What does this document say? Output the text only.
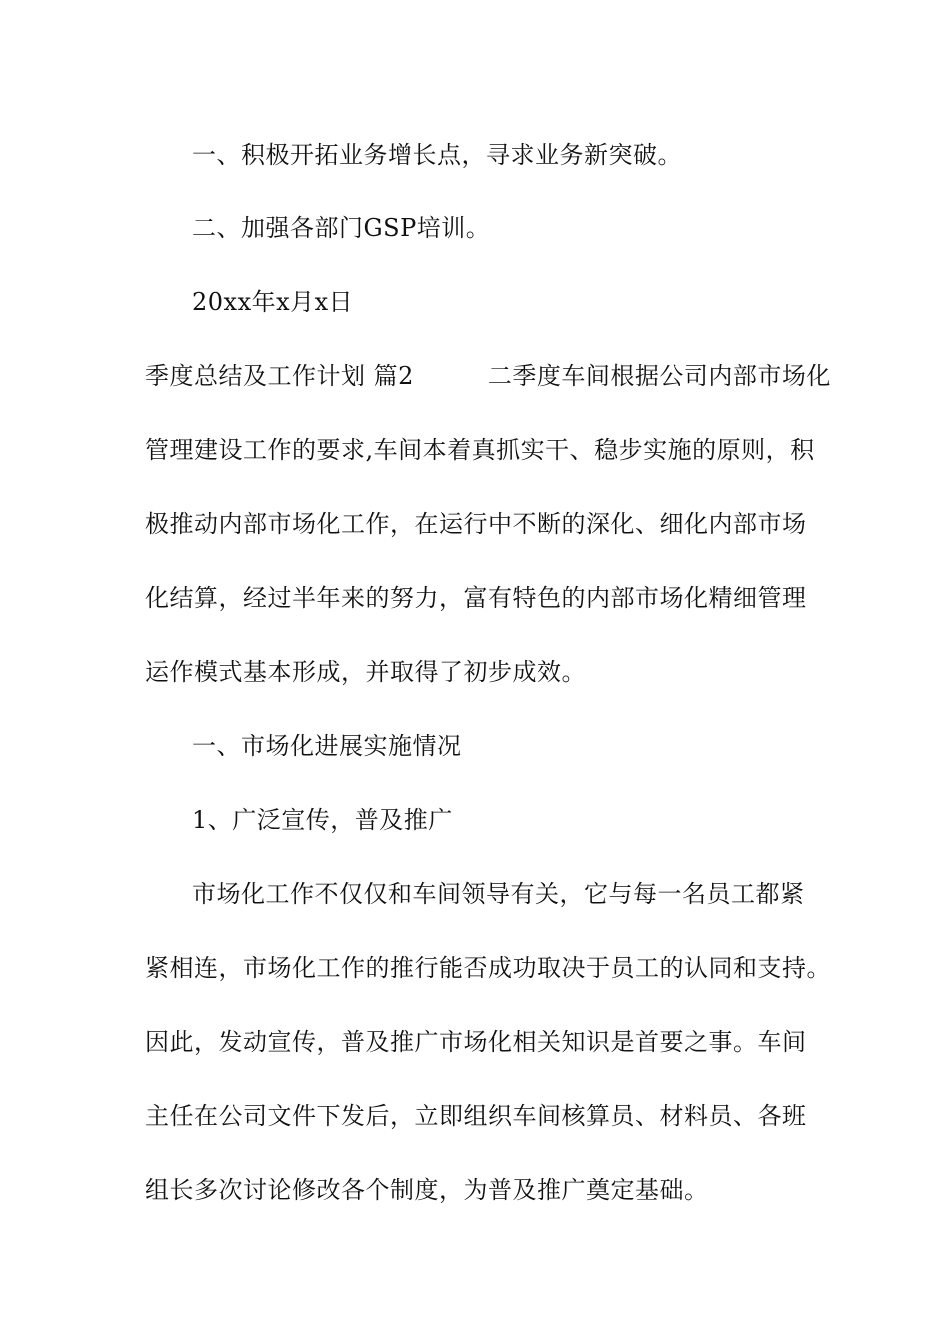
一、积极开拓业务增长点，寻求业务新突破。
二、加强各部门GSP培训。
20xx年x月x日
季度总结及工作计划 篇2	二季度车间根据公司内部市场化
管理建设工作的要求,车间本着真抓实干、稳步实施的原则，积
极推动内部市场化工作，在运行中不断的深化、细化内部市场
化结算，经过半年来的努力，富有特色的内部市场化精细管理
运作模式基本形成，并取得了初步成效。
一、市场化进展实施情况
1、广泛宣传，普及推广
市场化工作不仅仅和车间领导有关，它与每一名员工都紧
紧相连，市场化工作的推行能否成功取决于员工的认同和支持。
因此，发动宣传，普及推广市场化相关知识是首要之事。车间
主任在公司文件下发后，立即组织车间核算员、材料员、各班
组长多次讨论修改各个制度，为普及推广奠定基础。
